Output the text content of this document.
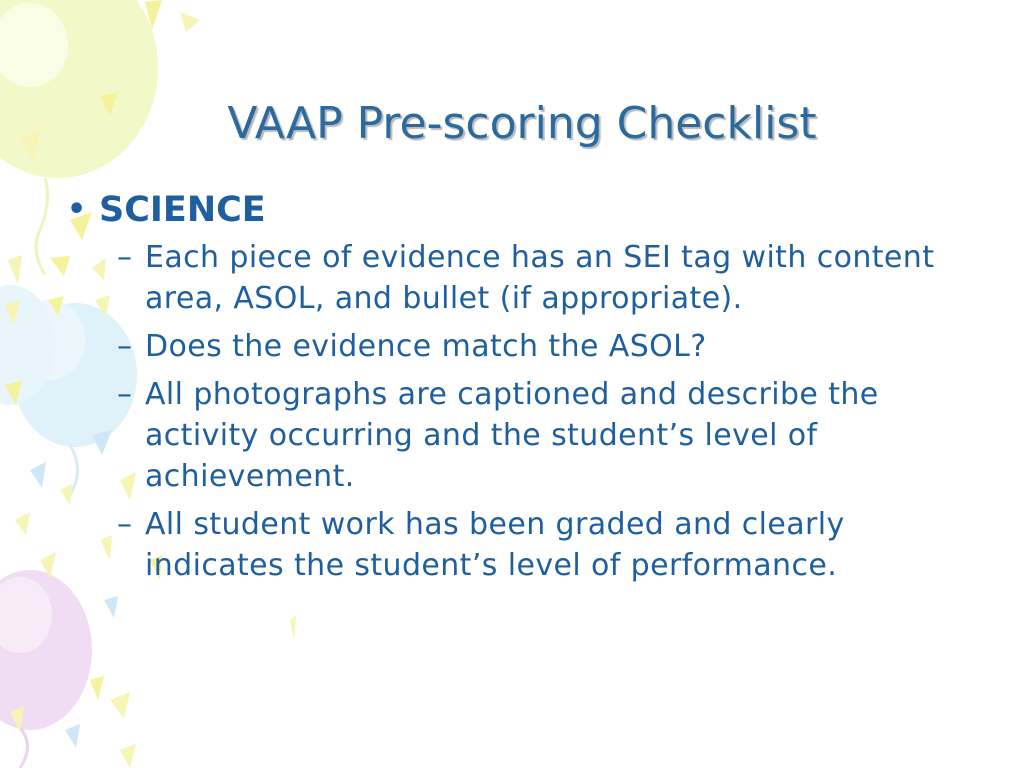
VAAP Pre-scoring Checklist
• SCIENCE
– Each piece of evidence has an SEI tag with content area, ASOL, and bullet (if appropriate).
– Does the evidence match the ASOL?
– All photographs are captioned and describe the activity occurring and the student’s level of achievement.
– All student work has been graded and clearly indicates the student’s level of performance.
